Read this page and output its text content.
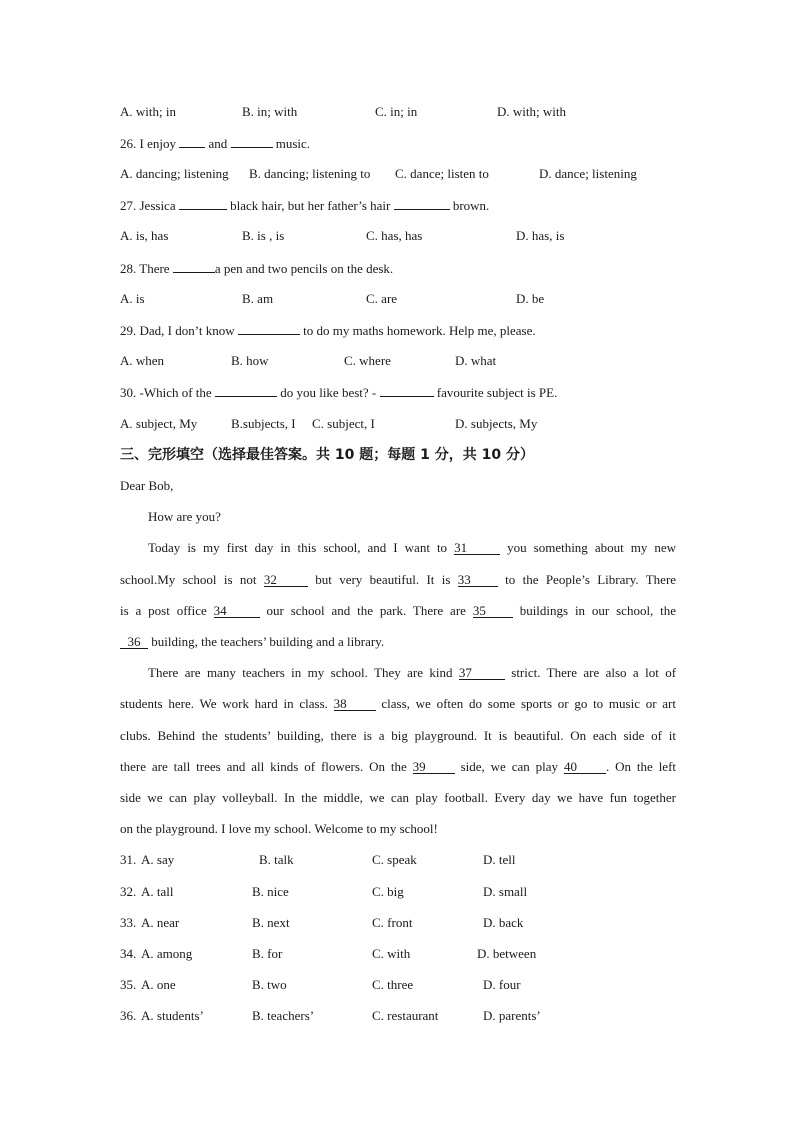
A. with; in	B. in; with	C. in; in	D. with; with
26. I enjoy	and	music.
A. dancing; listening B. dancing; listening to C. dance; listen to	D. dance; listening
27. Jessica	black hair, but her father’s hair	brown.
A. is, has	B. is , is	C. has, has	D. has, is
28. There	a pen and two pencils on the desk.
A. is	B. am	C. are	D. be
29. Dad, I don’t know	to do my maths homework. Help me, please.
A. when	B. how	C. where	D. what
30. -Which of the	do you like best? -	favourite subject is PE.
A. subject, My	B.subjects, I C. subject, I	D. subjects, My
三、完形填空（选择最佳答案。共 10 题；每题 1 分，共 10 分）
Dear Bob,
How are you?
Today is my first day in this school, and I want to 31	you something about my new
school.My school is not 32	but very beautiful. It is 33	to the People’s Library. There
is a post office 34	our school and the park. There are 35	buildings in our school, the
36 building, the teachers’ building and a library.
There are many teachers in my school. They are kind 37	strict. There are also a lot of
students here. We work hard in class. 38	class, we often do some sports or go to music or art
clubs. Behind the students’ building, there is a big playground. It is beautiful. On each side of it
there are tall trees and all kinds of flowers. On the 39	side, we can play 40 . On the left
side we can play volleyball. In the middle, we can play football. Every day we have fun together
on the playground. I love my school. Welcome to my school!
31. A. say	B. talk	C. speak	D. tell
32. A. tall	B. nice	C. big	D. small
33. A. near	B. next	C. front	D. back
34. A. among	B. for	C. with	D. between
35. A. one	B. two	C. three	D. four
36. A. students’	B. teachers’	C. restaurant	D. parents’
